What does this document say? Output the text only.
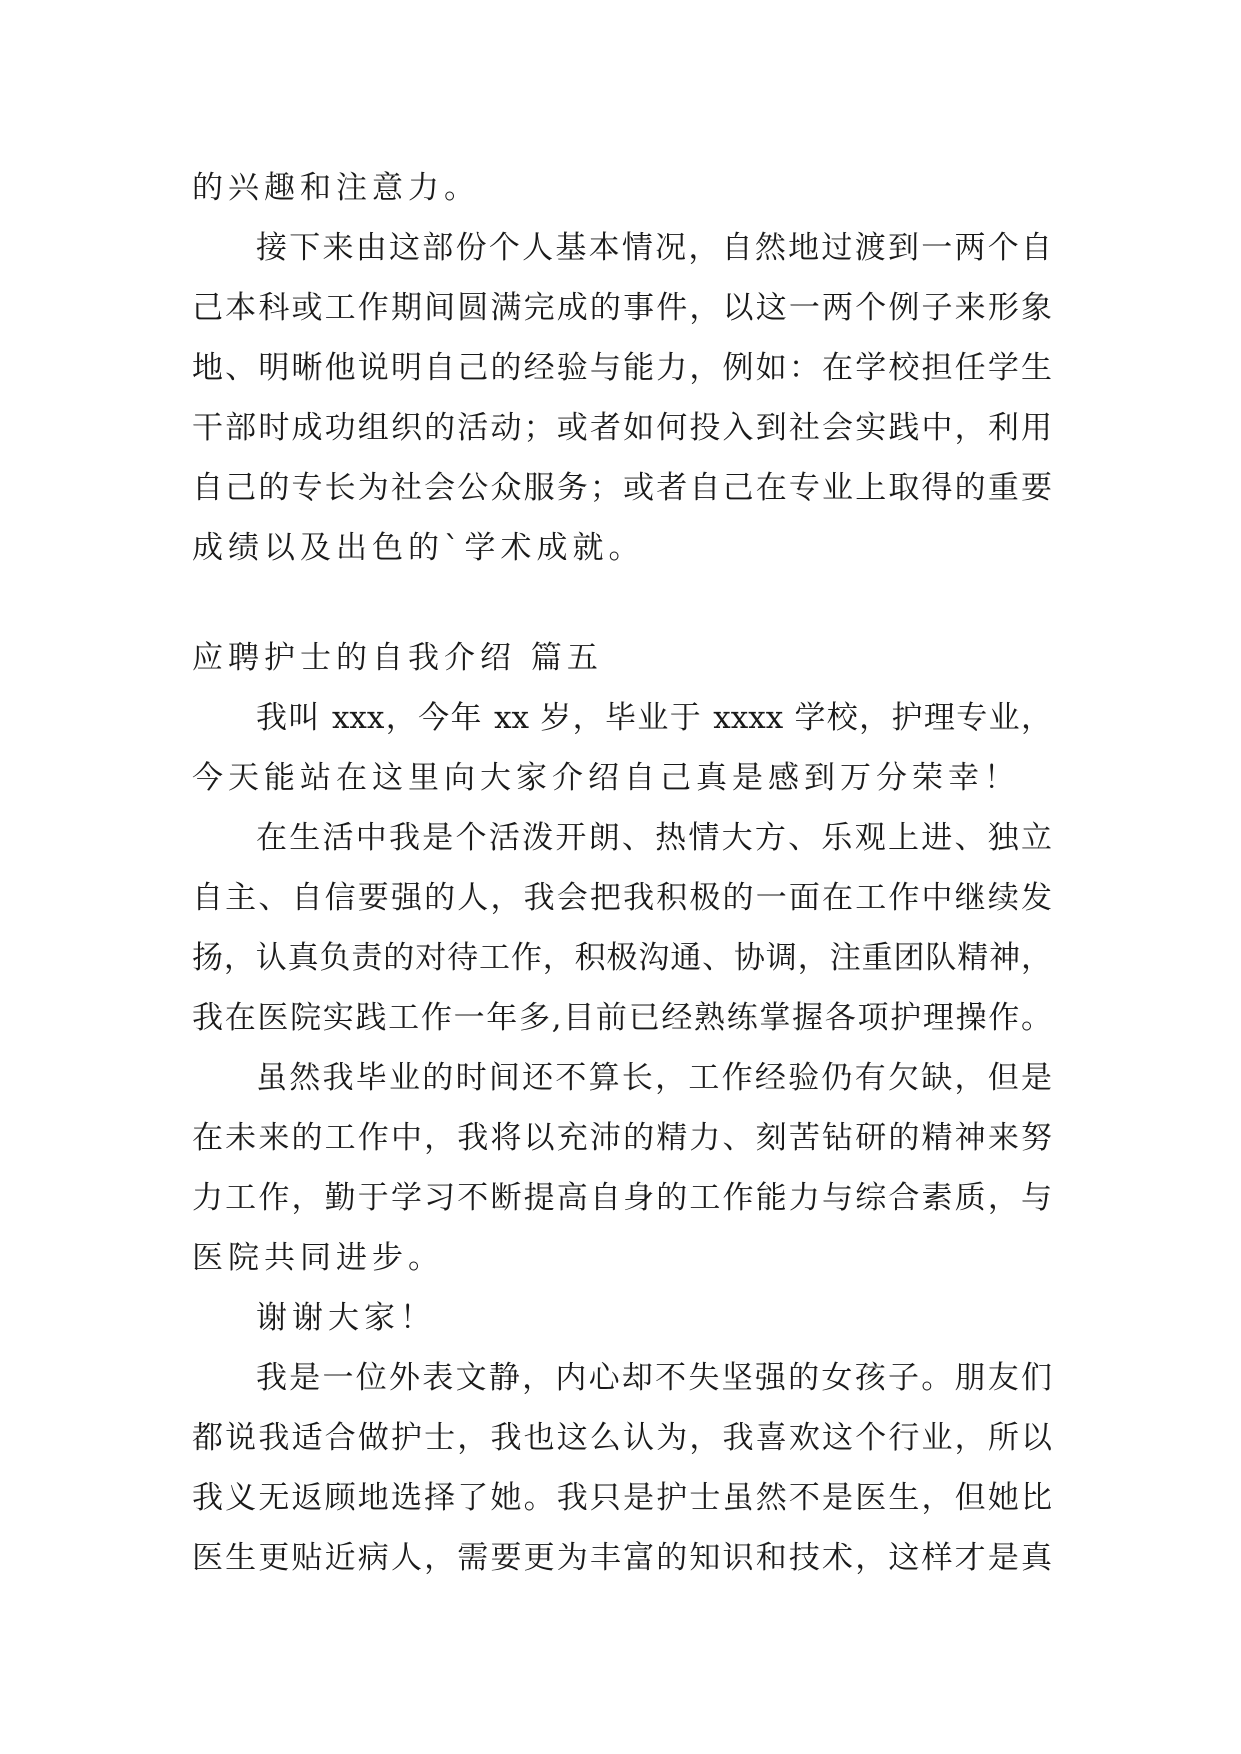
的兴趣和注意力。
接下来由这部份个人基本情况，自然地过渡到一两个自
己本科或工作期间圆满完成的事件，以这一两个例子来形象
地、明晰他说明自己的经验与能力，例如：在学校担任学生
干部时成功组织的活动；或者如何投入到社会实践中，利用
自己的专长为社会公众服务；或者自己在专业上取得的重要
成绩以及出色的`学术成就。
应聘护士的自我介绍 篇五
我叫 xxx，今年 xx 岁，毕业于 xxxx 学校，护理专业，
今天能站在这里向大家介绍自己真是感到万分荣幸！
在生活中我是个活泼开朗、热情大方、乐观上进、独立
自主、自信要强的人，我会把我积极的一面在工作中继续发
扬，认真负责的对待工作，积极沟通、协调，注重团队精神，
我在医院实践工作一年多,目前已经熟练掌握各项护理操作。
虽然我毕业的时间还不算长，工作经验仍有欠缺，但是
在未来的工作中，我将以充沛的精力、刻苦钻研的精神来努
力工作，勤于学习不断提高自身的工作能力与综合素质，与
医院共同进步。
谢谢大家！
我是一位外表文静，内心却不失坚强的女孩子。朋友们
都说我适合做护士，我也这么认为，我喜欢这个行业，所以
我义无返顾地选择了她。我只是护士虽然不是医生，但她比
医生更贴近病人，需要更为丰富的知识和技术，这样才是真
